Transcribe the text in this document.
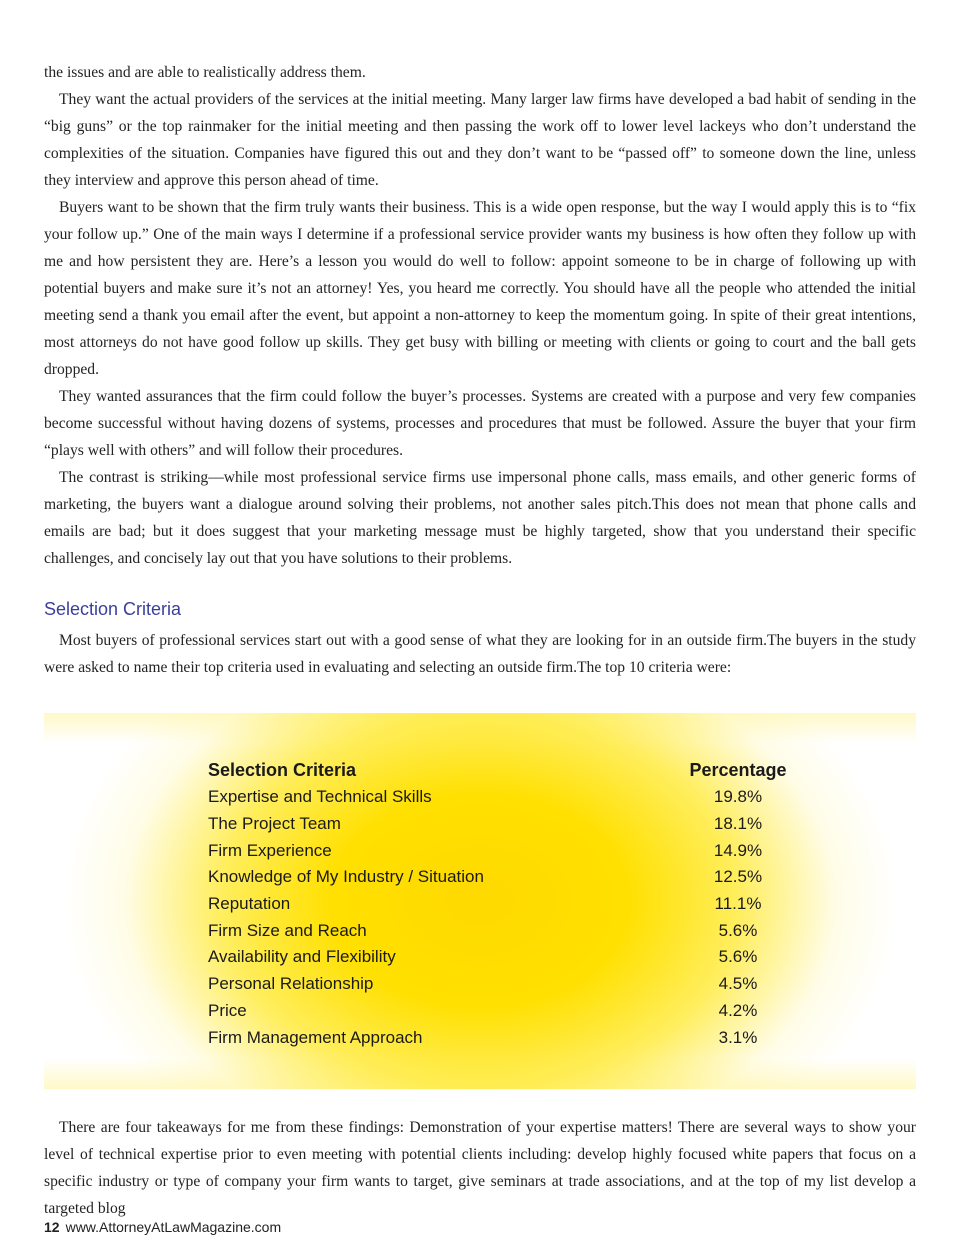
the issues and are able to realistically address them.

They want the actual providers of the services at the initial meeting. Many larger law firms have developed a bad habit of sending in the “big guns” or the top rainmaker for the initial meeting and then passing the work off to lower level lackeys who don’t understand the complexities of the situation. Companies have figured this out and they don’t want to be “passed off” to someone down the line, unless they interview and approve this person ahead of time.

Buyers want to be shown that the firm truly wants their business. This is a wide open response, but the way I would apply this is to “fix your follow up.” One of the main ways I determine if a professional service provider wants my business is how often they follow up with me and how persistent they are. Here’s a lesson you would do well to follow: appoint someone to be in charge of following up with potential buyers and make sure it’s not an attorney! Yes, you heard me correctly. You should have all the people who attended the initial meeting send a thank you email after the event, but appoint a non-attorney to keep the momentum going. In spite of their great intentions, most attorneys do not have good follow up skills. They get busy with billing or meeting with clients or going to court and the ball gets dropped.

They wanted assurances that the firm could follow the buyer’s processes. Systems are created with a purpose and very few companies become successful without having dozens of systems, processes and procedures that must be followed. Assure the buyer that your firm “plays well with others” and will follow their procedures.

The contrast is striking—while most professional service firms use impersonal phone calls, mass emails, and other generic forms of marketing, the buyers want a dialogue around solving their problems, not another sales pitch.This does not mean that phone calls and emails are bad; but it does suggest that your marketing message must be highly targeted, show that you understand their specific challenges, and concisely lay out that you have solutions to their problems.

Selection Criteria

Most buyers of professional services start out with a good sense of what they are looking for in an outside firm.The buyers in the study were asked to name their top criteria used in evaluating and selecting an outside firm.The top 10 criteria were:

Selection Criteria	Percentage
Expertise and Technical Skills	19.8%
The Project Team	18.1%
Firm Experience	14.9%
Knowledge of My Industry / Situation	12.5%
Reputation	11.1%
Firm Size and Reach	5.6%
Availability and Flexibility	5.6%
Personal Relationship	4.5%
Price	4.2%
Firm Management Approach	3.1%

There are four takeaways for me from these findings: Demonstration of your expertise matters! There are several ways to show your level of technical expertise prior to even meeting with potential clients including: develop highly focused white papers that focus on a specific industry or type of company your firm wants to target, give seminars at trade associations, and at the top of my list develop a targeted blog

12 www.AttorneyAtLawMagazine.com
